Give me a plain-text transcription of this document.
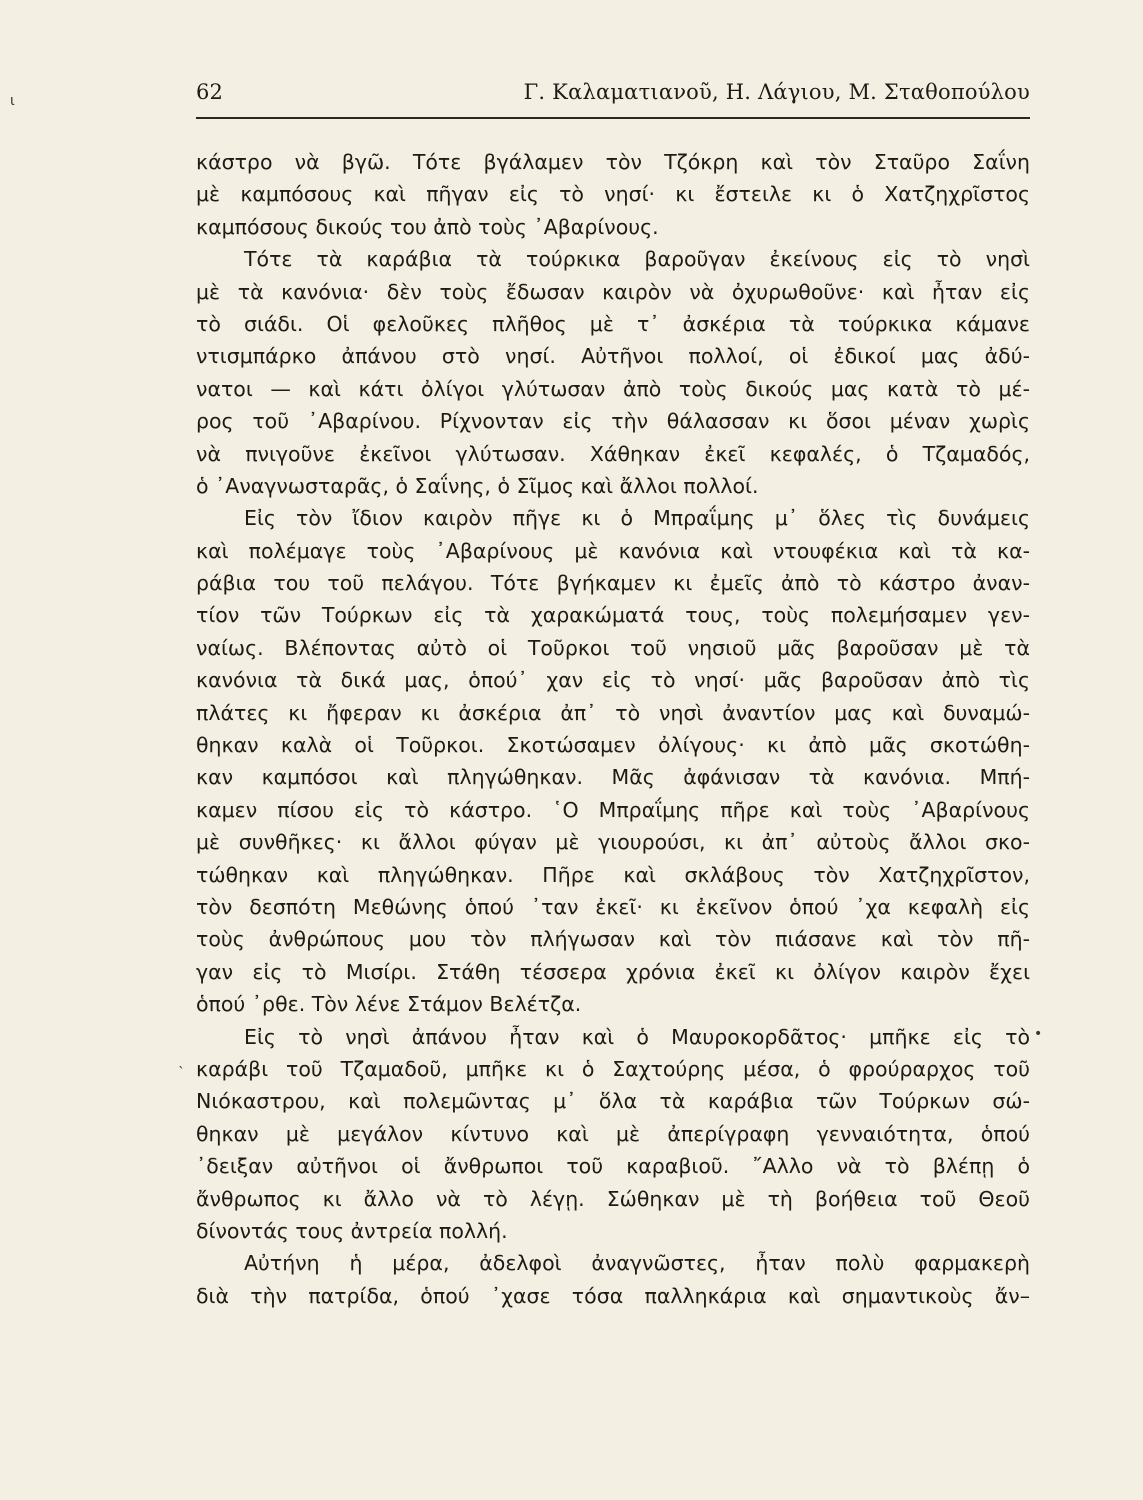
62	Γ. Καλαματιανοῦ, Η. Λάγιου, Μ. Σταθοπούλου
κάστρο νὰ βγῶ. Τότε βγάλαμεν τὸν Τζόκρη καὶ τὸν Σταῦρο Σαΐνη
μὲ καμπόσους καὶ πῆγαν εἰς τὸ νησί· κι ἔστειλε κι ὁ Χατζηχρῖστος
καμπόσους δικούς του ἀπὸ τοὺς ᾿Αβαρίνους.
Τότε τὰ καράβια τὰ τούρκικα βαροῦγαν ἐκείνους εἰς τὸ νησὶ
μὲ τὰ κανόνια· δὲν τοὺς ἔδωσαν καιρὸν νὰ ὀχυρωθοῦνε· καὶ ἦταν εἰς
τὸ σιάδι. Οἱ φελοῦκες πλῆθος μὲ τ᾿ ἀσκέρια τὰ τούρκικα κάμανε
ντισμπάρκο ἀπάνου στὸ νησί. Αὐτῆνοι πολλοί, οἱ ἐδικοί μας ἀδύ-
νατοι — καὶ κάτι ὀλίγοι γλύτωσαν ἀπὸ τοὺς δικούς μας κατὰ τὸ μέ-
ρος τοῦ ᾿Αβαρίνου. Ρίχνονταν εἰς τὴν θάλασσαν κι ὅσοι μέναν χωρὶς
νὰ πνιγοῦνε ἐκεῖνοι γλύτωσαν. Χάθηκαν ἐκεῖ κεφαλές, ὁ Τζαμαδός,
ὁ ᾿Αναγνωσταρᾶς, ὁ Σαΐνης, ὁ Σῖμος καὶ ἄλλοι πολλοί.
Εἰς τὸν ἴδιον καιρὸν πῆγε κι ὁ Μπραΐμης μ᾿ ὅλες τὶς δυνάμεις
καὶ πολέμαγε τοὺς ᾿Αβαρίνους μὲ κανόνια καὶ ντουφέκια καὶ τὰ κα-
ράβια του τοῦ πελάγου. Τότε βγήκαμεν κι ἐμεῖς ἀπὸ τὸ κάστρο ἀναν-
τίον τῶν Τούρκων εἰς τὰ χαρακώματά τους, τοὺς πολεμήσαμεν γεν-
ναίως. Βλέποντας αὐτὸ οἱ Τοῦρκοι τοῦ νησιοῦ μᾶς βαροῦσαν μὲ τὰ
κανόνια τὰ δικά μας, ὁπού᾿ χαν εἰς τὸ νησί· μᾶς βαροῦσαν ἀπὸ τὶς
πλάτες κι ἤφεραν κι ἀσκέρια ἀπ᾿ τὸ νησὶ ἀναντίον μας καὶ δυναμώ-
θηκαν καλὰ οἱ Τοῦρκοι. Σκοτώσαμεν ὀλίγους· κι ἀπὸ μᾶς σκοτώθη-
καν καμπόσοι καὶ πληγώθηκαν. Μᾶς ἀφάνισαν τὰ κανόνια. Μπή-
καμεν πίσου εἰς τὸ κάστρο. ῾Ο Μπραΐμης πῆρε καὶ τοὺς ᾿Αβαρίνους
μὲ συνθῆκες· κι ἄλλοι φύγαν μὲ γιουρούσι, κι ἀπ᾿ αὐτοὺς ἄλλοι σκο-
τώθηκαν καὶ πληγώθηκαν. Πῆρε καὶ σκλάβους τὸν Χατζηχρῖστον,
τὸν δεσπότη Μεθώνης ὁπού ᾿ταν ἐκεῖ· κι ἐκεῖνον ὁπού ᾿χα κεφαλὴ εἰς
τοὺς ἀνθρώπους μου τὸν πλήγωσαν καὶ τὸν πιάσανε καὶ τὸν πῆ-
γαν εἰς τὸ Μισίρι. Στάθη τέσσερα χρόνια ἐκεῖ κι ὀλίγον καιρὸν ἔχει
ὁπού ᾿ρθε. Τὸν λένε Στάμον Βελέτζα.
Εἰς τὸ νησὶ ἀπάνου ἦταν καὶ ὁ Μαυροκορδᾶτος· μπῆκε εἰς τὸ
καράβι τοῦ Τζαμαδοῦ, μπῆκε κι ὁ Σαχτούρης μέσα, ὁ φρούραρχος τοῦ
Νιόκαστρου, καὶ πολεμῶντας μ᾿ ὅλα τὰ καράβια τῶν Τούρκων σώ-
θηκαν μὲ μεγάλον κίντυνο καὶ μὲ ἀπερίγραφη γενναιότητα, ὁπού
᾿δειξαν αὐτῆνοι οἱ ἄνθρωποι τοῦ καραβιοῦ. ῎Αλλο νὰ τὸ βλέπῃ ὁ
ἄνθρωπος κι ἄλλο νὰ τὸ λέγῃ. Σώθηκαν μὲ τὴ βοήθεια τοῦ Θεοῦ
δίνοντάς τους ἀντρεία πολλή.
Αὐτήνη ἡ μέρα, ἀδελφοὶ ἀναγνῶστες, ἦταν πολὺ φαρμακερὴ
διὰ τὴν πατρίδα, ὁπού ᾿χασε τόσα παλληκάρια καὶ σημαντικοὺς ἄν–
ι
•
ˎ
